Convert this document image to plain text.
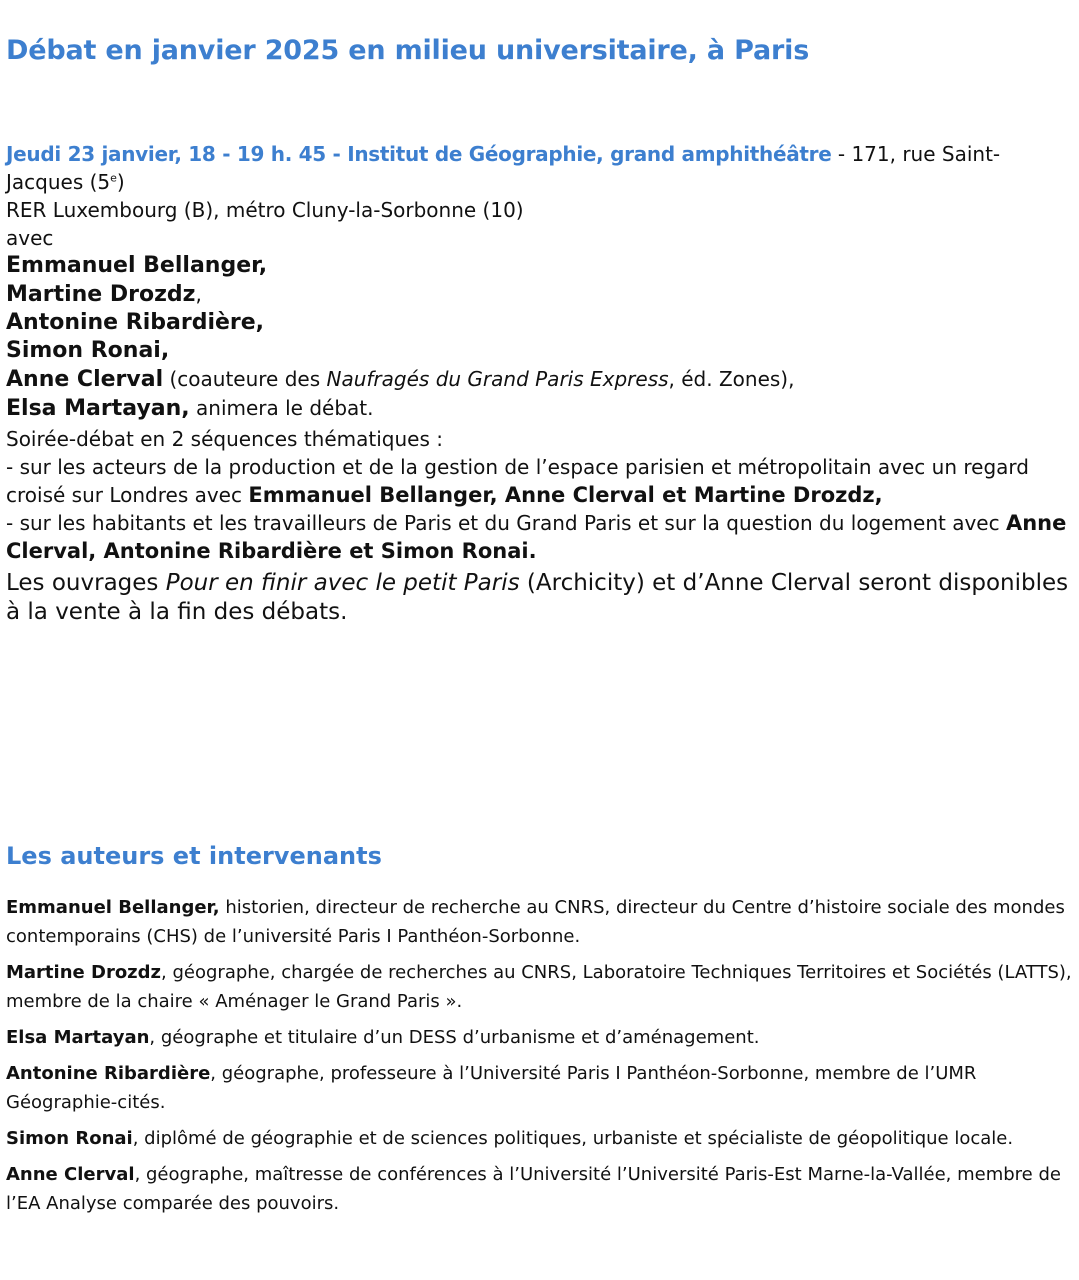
Débat en janvier 2025 en milieu universitaire, à Paris

Jeudi 23 janvier, 18 - 19 h. 45 - Institut de Géographie, grand amphithéâtre - 171, rue Saint-Jacques (5e)

RER Luxembourg (B), métro Cluny-la-Sorbonne (10)

avec

Emmanuel Bellanger,
Martine Drozdz,
Antonine Ribardière,
Simon Ronai,
Anne Clerval (coauteure des Naufragés du Grand Paris Express, éd. Zones),
Elsa Martayan, animera le débat.

Soirée-débat en 2 séquences thématiques :

- sur les acteurs de la production et de la gestion de l’espace parisien et métropolitain avec un regard croisé sur Londres avec Emmanuel Bellanger, Anne Clerval et Martine Drozdz,

- sur les habitants et les travailleurs de Paris et du Grand Paris et sur la question du logement avec Anne Clerval, Antonine Ribardière et Simon Ronai.

Les ouvrages Pour en finir avec le petit Paris (Archicity) et d’Anne Clerval seront disponibles à la vente à la fin des débats.

Les auteurs et intervenants

Emmanuel Bellanger, historien, directeur de recherche au CNRS, directeur du Centre d’histoire sociale des mondes contemporains (CHS) de l’université Paris I Panthéon-Sorbonne.

Martine Drozdz, géographe, chargée de recherches au CNRS, Laboratoire Techniques Territoires et Sociétés (LATTS), membre de la chaire « Aménager le Grand Paris ».

Elsa Martayan, géographe et titulaire d’un DESS d’urbanisme et d’aménagement.

Antonine Ribardière, géographe, professeure à l’Université Paris I Panthéon-Sorbonne, membre de l’UMR Géographie-cités.

Simon Ronai, diplômé de géographie et de sciences politiques, urbaniste et spécialiste de géopolitique locale.

Anne Clerval, géographe, maîtresse de conférences à l’Université l’Université Paris-Est Marne-la-Vallée, membre de l’EA Analyse comparée des pouvoirs.
